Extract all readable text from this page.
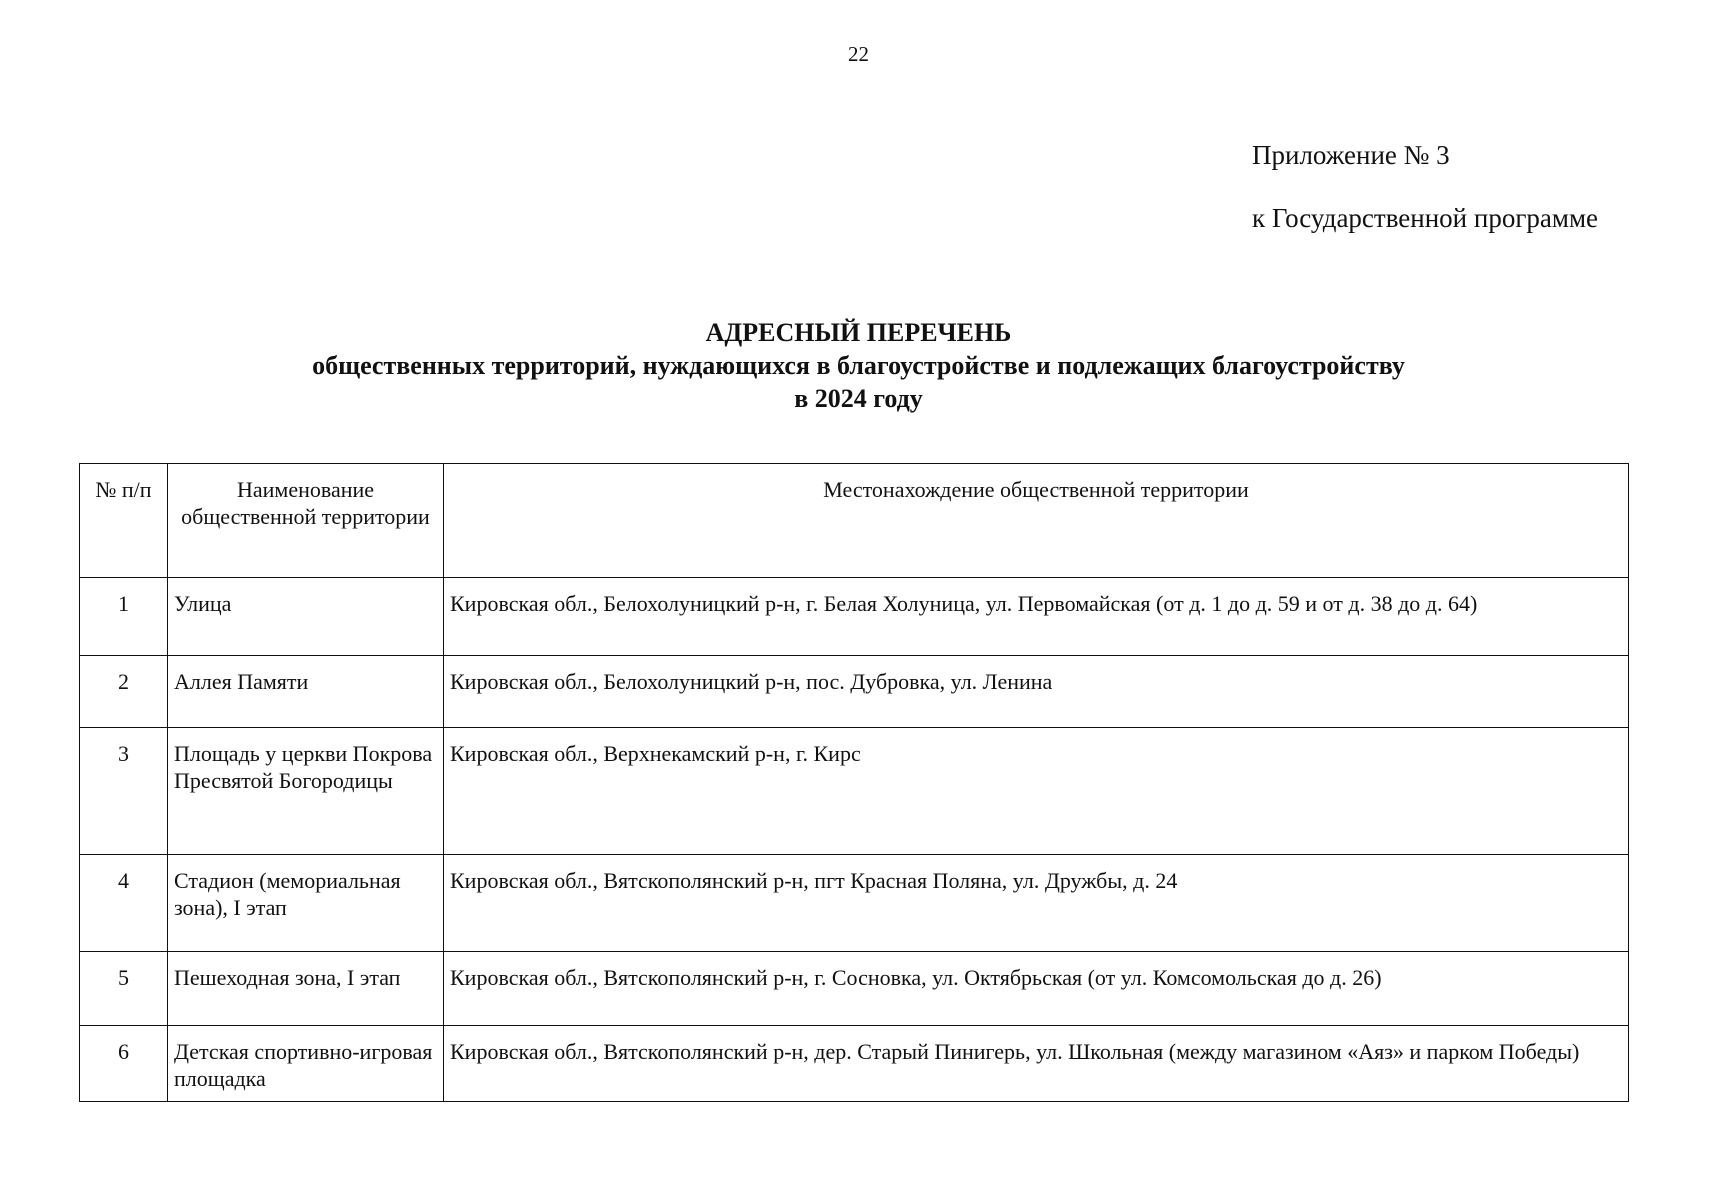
22
Приложение № 3
к Государственной программе
АДРЕСНЫЙ ПЕРЕЧЕНЬ
общественных территорий, нуждающихся в благоустройстве и подлежащих благоустройству
в 2024 году
№ п/п	Наименование общественной территории	Местонахождение общественной территории
1	Улица	Кировская обл., Белохолуницкий р-н, г. Белая Холуница, ул. Первомайская (от д. 1 до д. 59 и от д. 38 до д. 64)
2	Аллея Памяти	Кировская обл., Белохолуницкий р-н, пос. Дубровка, ул. Ленина
3	Площадь у церкви Покрова Пресвятой Богородицы	Кировская обл., Верхнекамский р-н, г. Кирс
4	Стадион (мемориальная зона), I этап	Кировская обл., Вятскополянский р-н, пгт Красная Поляна, ул. Дружбы, д. 24
5	Пешеходная зона, I этап	Кировская обл., Вятскополянский р-н, г. Сосновка, ул. Октябрьская (от ул. Комсомольская до д. 26)
6	Детская спортивно-игровая площадка	Кировская обл., Вятскополянский р-н, дер. Старый Пинигерь, ул. Школьная (между магазином «Аяз» и парком Победы)
